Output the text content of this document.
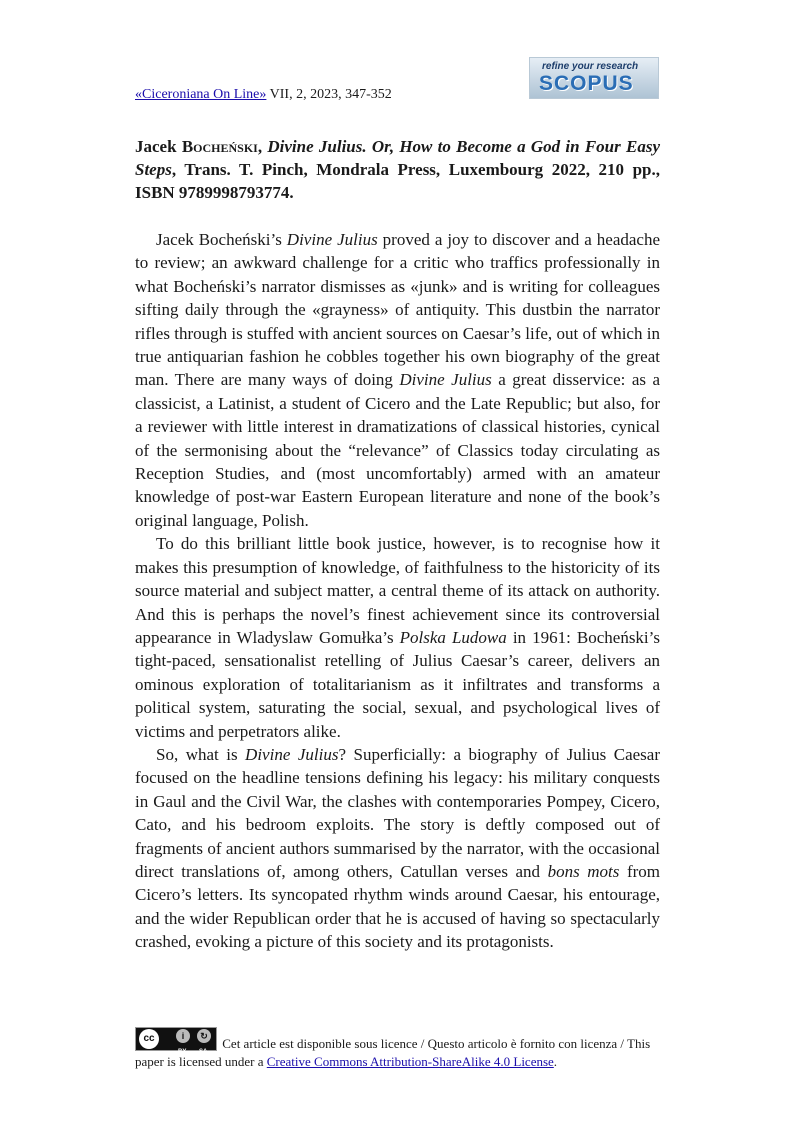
«Ciceroniana On Line» VII, 2, 2023, 347-352
refine your research
SCOPUS
Jacek Bocheński, Divine Julius. Or, How to Become a God in Four Easy Steps, Trans. T. Pinch, Mondrala Press, Luxembourg 2022, 210 pp., ISBN 9789998793774.

Jacek Bocheński’s Divine Julius proved a joy to discover and a headache to review; an awkward challenge for a critic who traffics professionally in what Bocheński’s narrator dismisses as «junk» and is writing for colleagues sifting daily through the «grayness» of antiquity. This dustbin the narrator rifles through is stuffed with ancient sources on Caesar’s life, out of which in true antiquarian fashion he cobbles together his own biography of the great man. There are many ways of doing Divine Julius a great disservice: as a classicist, a Latinist, a student of Cicero and the Late Republic; but also, for a reviewer with little interest in dramatizations of classical histories, cynical of the sermonising about the “relevance” of Classics today circulating as Reception Studies, and (most uncomfortably) armed with an amateur knowledge of post-war Eastern European literature and none of the book’s original language, Polish.

To do this brilliant little book justice, however, is to recognise how it makes this presumption of knowledge, of faithfulness to the historicity of its source material and subject matter, a central theme of its attack on authority. And this is perhaps the novel’s finest achievement since its controversial appearance in Wladyslaw Gomułka’s Polska Ludowa in 1961: Bocheński’s tight-paced, sensationalist retelling of Julius Caesar’s career, delivers an ominous exploration of totalitarianism as it infiltrates and transforms a political system, saturating the social, sexual, and psychological lives of victims and perpetrators alike.

So, what is Divine Julius? Superficially: a biography of Julius Caesar focused on the headline tensions defining his legacy: his military conquests in Gaul and the Civil War, the clashes with contemporaries Pompey, Cicero, Cato, and his bedroom exploits. The story is deftly composed out of fragments of ancient authors summarised by the narrator, with the occasional direct translations of, among others, Catullan verses and bons mots from Cicero’s letters. Its syncopated rhythm winds around Caesar, his entourage, and the wider Republican order that he is accused of having so spectacularly crashed, evoking a picture of this society and its protagonists.

cc	i	↻
BY SA
Cet article est disponible sous licence / Questo articolo è fornito con licenza / This paper is licensed under a Creative Commons Attribution-ShareAlike 4.0 License.
